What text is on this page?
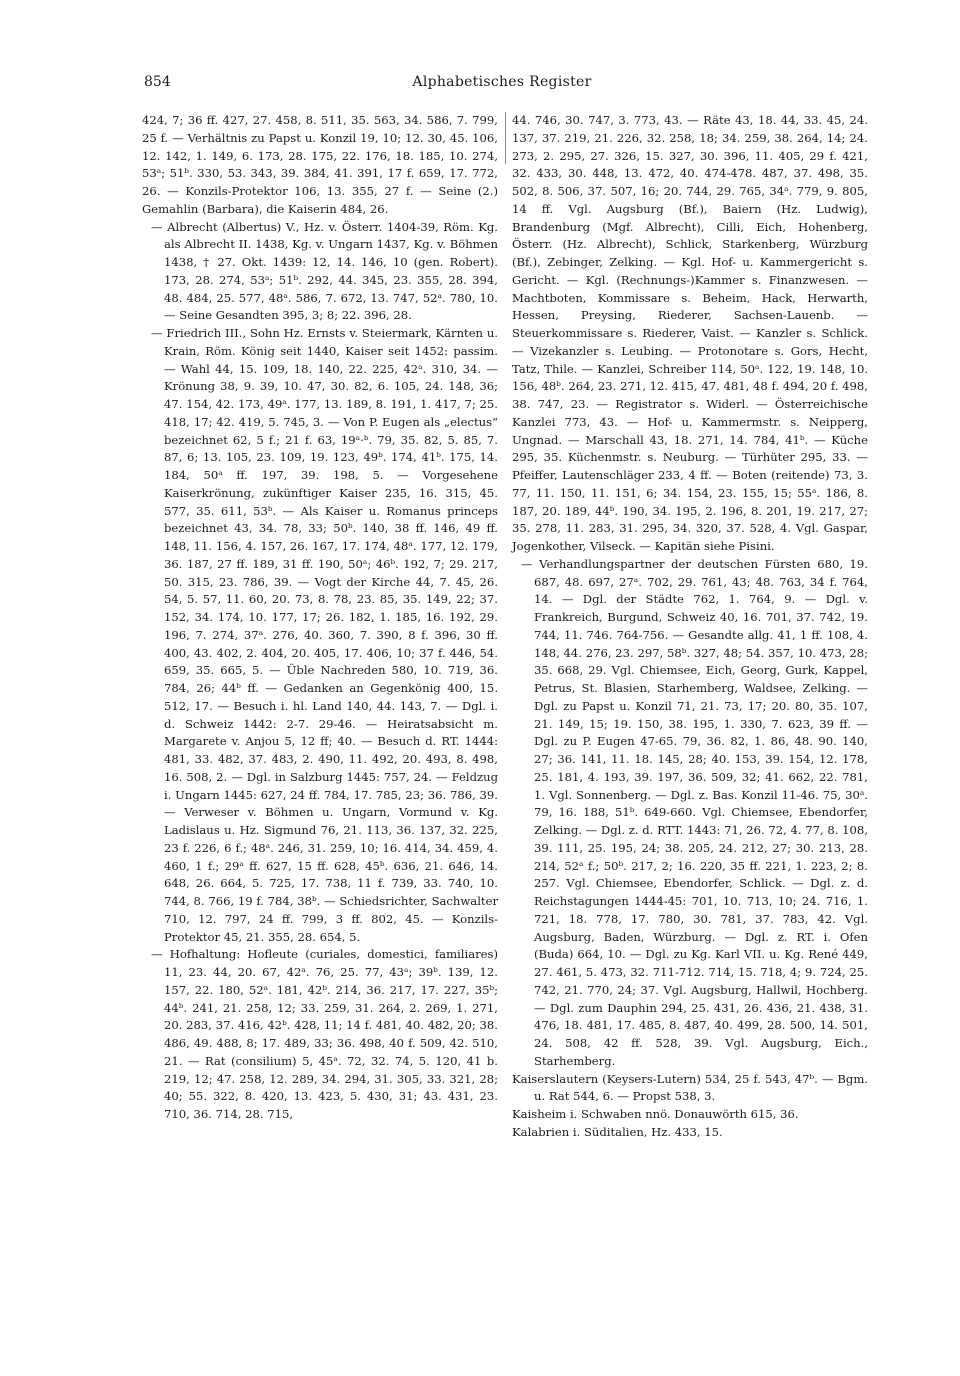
854	Alphabetisches Register

424, 7; 36 ff. 427, 27. 458, 8. 511, 35. 563, 34. 586, 7. 799, 25 f. — Verhältnis zu Papst u. Konzil 19, 10; 12. 30, 45. 106, 12. 142, 1. 149, 6. 173, 28. 175, 22. 176, 18. 185, 10. 274, 53ᵃ; 51ᵇ. 330, 53. 343, 39. 384, 41. 391, 17 f. 659, 17. 772, 26. — Konzils-Protektor 106, 13. 355, 27 f. — Seine (2.) Gemahlin (Barbara), die Kaiserin 484, 26.

— Albrecht (Albertus) V., Hz. v. Österr. 1404-39, Röm. Kg. als Albrecht II. 1438, Kg. v. Ungarn 1437, Kg. v. Böhmen 1438, † 27. Okt. 1439: 12, 14. 146, 10 (gen. Robert). 173, 28. 274, 53ᵃ; 51ᵇ. 292, 44. 345, 23. 355, 28. 394, 48. 484, 25. 577, 48ᵃ. 586, 7. 672, 13. 747, 52ᵃ. 780, 10. — Seine Gesandten 395, 3; 8; 22. 396, 28.

— Friedrich III., Sohn Hz. Ernsts v. Steiermark, Kärnten u. Krain, Röm. König seit 1440, Kaiser seit 1452: passim. — Wahl 44, 15. 109, 18. 140, 22. 225, 42ᵃ. 310, 34. — Krönung 38, 9. 39, 10. 47, 30. 82, 6. 105, 24. 148, 36; 47. 154, 42. 173, 49ᵃ. 177, 13. 189, 8. 191, 1. 417, 7; 25. 418, 17; 42. 419, 5. 745, 3. — Von P. Eugen als „electus“ bezeichnet 62, 5 f.; 21 f. 63, 19ᵃ·ᵇ. 79, 35. 82, 5. 85, 7. 87, 6; 13. 105, 23. 109, 19. 123, 49ᵇ. 174, 41ᵇ. 175, 14. 184, 50ᵃ ff. 197, 39. 198, 5. — Vorgesehene Kaiserkrönung, zukünftiger Kaiser 235, 16. 315, 45. 577, 35. 611, 53ᵇ. — Als Kaiser u. Romanus princeps bezeichnet 43, 34. 78, 33; 50ᵇ. 140, 38 ff. 146, 49 ff. 148, 11. 156, 4. 157, 26. 167, 17. 174, 48ᵃ. 177, 12. 179, 36. 187, 27 ff. 189, 31 ff. 190, 50ᵃ; 46ᵇ. 192, 7; 29. 217, 50. 315, 23. 786, 39. — Vogt der Kirche 44, 7. 45, 26. 54, 5. 57, 11. 60, 20. 73, 8. 78, 23. 85, 35. 149, 22; 37. 152, 34. 174, 10. 177, 17; 26. 182, 1. 185, 16. 192, 29. 196, 7. 274, 37ᵃ. 276, 40. 360, 7. 390, 8 f. 396, 30 ff. 400, 43. 402, 2. 404, 20. 405, 17. 406, 10; 37 f. 446, 54. 659, 35. 665, 5. — Üble Nachreden 580, 10. 719, 36. 784, 26; 44ᵇ ff. — Gedanken an Gegenkönig 400, 15. 512, 17. — Besuch i. hl. Land 140, 44. 143, 7. — Dgl. i. d. Schweiz 1442: 2-7. 29-46. — Heiratsabsicht m. Margarete v. Anjou 5, 12 ff; 40. — Besuch d. RT. 1444: 481, 33. 482, 37. 483, 2. 490, 11. 492, 20. 493, 8. 498, 16. 508, 2. — Dgl. in Salzburg 1445: 757, 24. — Feldzug i. Ungarn 1445: 627, 24 ff. 784, 17. 785, 23; 36. 786, 39. — Verweser v. Böhmen u. Ungarn, Vormund v. Kg. Ladislaus u. Hz. Sigmund 76, 21. 113, 36. 137, 32. 225, 23 f. 226, 6 f.; 48ᵃ. 246, 31. 259, 10; 16. 414, 34. 459, 4. 460, 1 f.; 29ᵃ ff. 627, 15 ff. 628, 45ᵇ. 636, 21. 646, 14. 648, 26. 664, 5. 725, 17. 738, 11 f. 739, 33. 740, 10. 744, 8. 766, 19 f. 784, 38ᵇ. — Schiedsrichter, Sachwalter 710, 12. 797, 24 ff. 799, 3 ff. 802, 45. — Konzils-Protektor 45, 21. 355, 28. 654, 5.

— Hofhaltung: Hofleute (curiales, domestici, familiares) 11, 23. 44, 20. 67, 42ᵃ. 76, 25. 77, 43ᵃ; 39ᵇ. 139, 12. 157, 22. 180, 52ᵃ. 181, 42ᵇ. 214, 36. 217, 17. 227, 35ᵇ; 44ᵇ. 241, 21. 258, 12; 33. 259, 31. 264, 2. 269, 1. 271, 20. 283, 37. 416, 42ᵇ. 428, 11; 14 f. 481, 40. 482, 20; 38. 486, 49. 488, 8; 17. 489, 33; 36. 498, 40 f. 509, 42. 510, 21. — Rat (consilium) 5, 45ᵃ. 72, 32. 74, 5. 120, 41 b. 219, 12; 47. 258, 12. 289, 34. 294, 31. 305, 33. 321, 28; 40; 55. 322, 8. 420, 13. 423, 5. 430, 31; 43. 431, 23. 710, 36. 714, 28. 715,

44. 746, 30. 747, 3. 773, 43. — Räte 43, 18. 44, 33. 45, 24. 137, 37. 219, 21. 226, 32. 258, 18; 34. 259, 38. 264, 14; 24. 273, 2. 295, 27. 326, 15. 327, 30. 396, 11. 405, 29 f. 421, 32. 433, 30. 448, 13. 472, 40. 474-478. 487, 37. 498, 35. 502, 8. 506, 37. 507, 16; 20. 744, 29. 765, 34ᵃ. 779, 9. 805, 14 ff. Vgl. Augsburg (Bf.), Baiern (Hz. Ludwig), Brandenburg (Mgf. Albrecht), Cilli, Eich, Hohenberg, Österr. (Hz. Albrecht), Schlick, Starkenberg, Würzburg (Bf.), Zebinger, Zelking. — Kgl. Hof- u. Kammergericht s. Gericht. — Kgl. (Rechnungs-)Kammer s. Finanzwesen. — Machtboten, Kommissare s. Beheim, Hack, Herwarth, Hessen, Preysing, Riederer, Sachsen-Lauenb. — Steuerkommissare s. Riederer, Vaist. — Kanzler s. Schlick. — Vizekanzler s. Leubing. — Protonotare s. Gors, Hecht, Tatz, Thile. — Kanzlei, Schreiber 114, 50ᵃ. 122, 19. 148, 10. 156, 48ᵇ. 264, 23. 271, 12. 415, 47. 481, 48 f. 494, 20 f. 498, 38. 747, 23. — Registrator s. Widerl. — Österreichische Kanzlei 773, 43. — Hof- u. Kammermstr. s. Neipperg, Ungnad. — Marschall 43, 18. 271, 14. 784, 41ᵇ. — Küche 295, 35. Küchenmstr. s. Neuburg. — Türhüter 295, 33. — Pfeiffer, Lautenschläger 233, 4 ff. — Boten (reitende) 73, 3. 77, 11. 150, 11. 151, 6; 34. 154, 23. 155, 15; 55ᵃ. 186, 8. 187, 20. 189, 44ᵇ. 190, 34. 195, 2. 196, 8. 201, 19. 217, 27; 35. 278, 11. 283, 31. 295, 34. 320, 37. 528, 4. Vgl. Gaspar, Jogenkother, Vilseck. — Kapitän siehe Pisini.

— Verhandlungspartner der deutschen Fürsten 680, 19. 687, 48. 697, 27ᵃ. 702, 29. 761, 43; 48. 763, 34 f. 764, 14. — Dgl. der Städte 762, 1. 764, 9. — Dgl. v. Frankreich, Burgund, Schweiz 40, 16. 701, 37. 742, 19. 744, 11. 746. 764-756. — Gesandte allg. 41, 1 ff. 108, 4. 148, 44. 276, 23. 297, 58ᵇ. 327, 48; 54. 357, 10. 473, 28; 35. 668, 29. Vgl. Chiemsee, Eich, Georg, Gurk, Kappel, Petrus, St. Blasien, Starhemberg, Waldsee, Zelking. — Dgl. zu Papst u. Konzil 71, 21. 73, 17; 20. 80, 35. 107, 21. 149, 15; 19. 150, 38. 195, 1. 330, 7. 623, 39 ff. — Dgl. zu P. Eugen 47-65. 79, 36. 82, 1. 86, 48. 90. 140, 27; 36. 141, 11. 18. 145, 28; 40. 153, 39. 154, 12. 178, 25. 181, 4. 193, 39. 197, 36. 509, 32; 41. 662, 22. 781, 1. Vgl. Sonnenberg. — Dgl. z. Bas. Konzil 11-46. 75, 30ᵃ. 79, 16. 188, 51ᵇ. 649-660. Vgl. Chiemsee, Ebendorfer, Zelking. — Dgl. z. d. RTT. 1443: 71, 26. 72, 4. 77, 8. 108, 39. 111, 25. 195, 24; 38. 205, 24. 212, 27; 30. 213, 28. 214, 52ᵃ f.; 50ᵇ. 217, 2; 16. 220, 35 ff. 221, 1. 223, 2; 8. 257. Vgl. Chiemsee, Ebendorfer, Schlick. — Dgl. z. d. Reichstagungen 1444-45: 701, 10. 713, 10; 24. 716, 1. 721, 18. 778, 17. 780, 30. 781, 37. 783, 42. Vgl. Augsburg, Baden, Würzburg. — Dgl. z. RT. i. Ofen (Buda) 664, 10. — Dgl. zu Kg. Karl VII. u. Kg. René 449, 27. 461, 5. 473, 32. 711-712. 714, 15. 718, 4; 9. 724, 25. 742, 21. 770, 24; 37. Vgl. Augsburg, Hallwil, Hochberg. — Dgl. zum Dauphin 294, 25. 431, 26. 436, 21. 438, 31. 476, 18. 481, 17. 485, 8. 487, 40. 499, 28. 500, 14. 501, 24. 508, 42 ff. 528, 39. Vgl. Augsburg, Eich., Starhemberg.

Kaiserslautern (Keysers-Lutern) 534, 25 f. 543, 47ᵇ. — Bgm. u. Rat 544, 6. — Propst 538, 3.

Kaisheim i. Schwaben nnö. Donauwörth 615, 36.

Kalabrien i. Süditalien, Hz. 433, 15.
